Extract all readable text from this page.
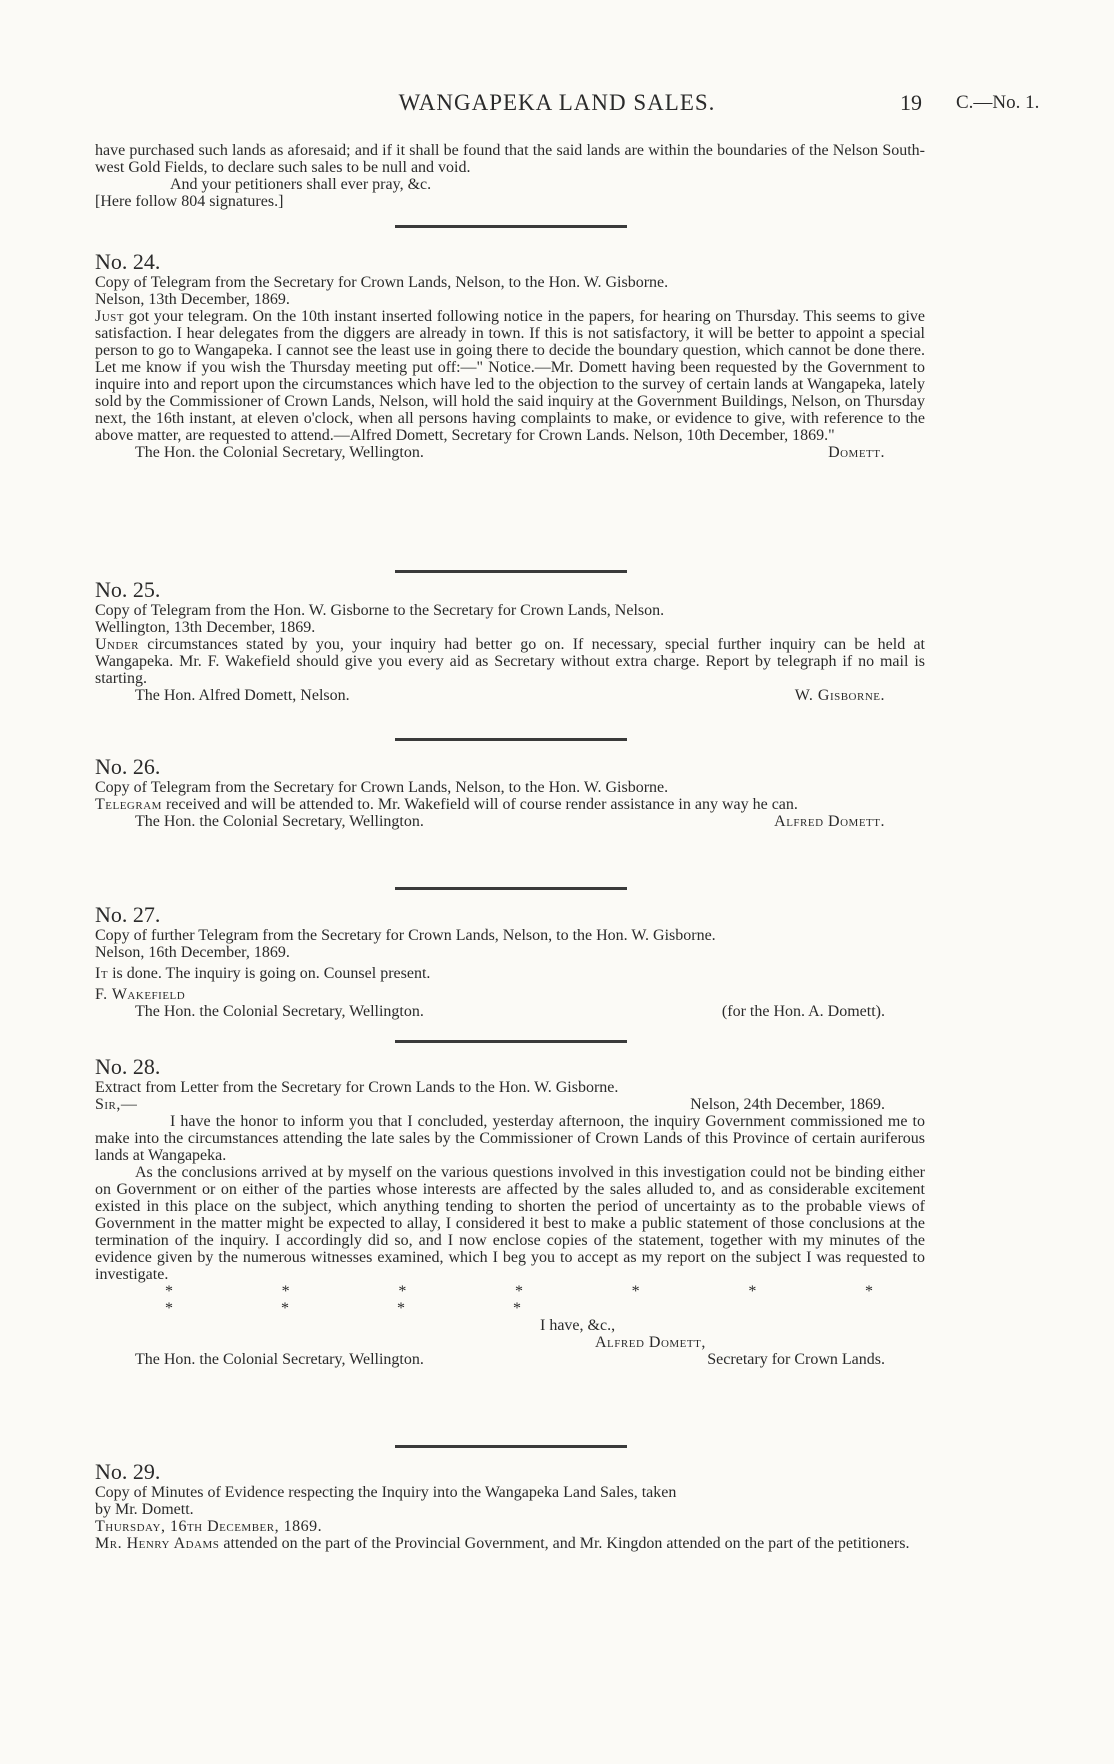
WANGAPEKA LAND SALES.	19 C.—No. 1.

have purchased such lands as aforesaid; and if it shall be found that the said lands are within the boundaries of the Nelson South-west Gold Fields, to declare such sales to be null and void.

And your petitioners shall ever pray, &c.

[Here follow 804 signatures.]

No. 24.

Copy of Telegram from the Secretary for Crown Lands, Nelson, to the Hon. W. Gisborne.

Nelson, 13th December, 1869.

Just got your telegram. On the 10th instant inserted following notice in the papers, for hearing on Thursday. This seems to give satisfaction. I hear delegates from the diggers are already in town. If this is not satisfactory, it will be better to appoint a special person to go to Wangapeka. I cannot see the least use in going there to decide the boundary question, which cannot be done there. Let me know if you wish the Thursday meeting put off:—" Notice.—Mr. Domett having been requested by the Government to inquire into and report upon the circumstances which have led to the objection to the survey of certain lands at Wangapeka, lately sold by the Commissioner of Crown Lands, Nelson, will hold the said inquiry at the Government Buildings, Nelson, on Thursday next, the 16th instant, at eleven o'clock, when all persons having complaints to make, or evidence to give, with reference to the above matter, are requested to attend.—Alfred Domett, Secretary for Crown Lands. Nelson, 10th December, 1869."

The Hon. the Colonial Secretary, Wellington.	Domett.

No. 25.

Copy of Telegram from the Hon. W. Gisborne to the Secretary for Crown Lands, Nelson.

Wellington, 13th December, 1869.

Under circumstances stated by you, your inquiry had better go on. If necessary, special further inquiry can be held at Wangapeka. Mr. F. Wakefield should give you every aid as Secretary without extra charge. Report by telegraph if no mail is starting.

The Hon. Alfred Domett, Nelson.	W. Gisborne.

No. 26.

Copy of Telegram from the Secretary for Crown Lands, Nelson, to the Hon. W. Gisborne.

Telegram received and will be attended to. Mr. Wakefield will of course render assistance in any way he can.

The Hon. the Colonial Secretary, Wellington.	Alfred Domett.

No. 27.

Copy of further Telegram from the Secretary for Crown Lands, Nelson, to the Hon. W. Gisborne.

Nelson, 16th December, 1869.

It is done. The inquiry is going on. Counsel present.

F. Wakefield

The Hon. the Colonial Secretary, Wellington.	(for the Hon. A. Domett).

No. 28.

Extract from Letter from the Secretary for Crown Lands to the Hon. W. Gisborne.

Sir,—	Nelson, 24th December, 1869.

I have the honor to inform you that I concluded, yesterday afternoon, the inquiry Government commissioned me to make into the circumstances attending the late sales by the Commissioner of Crown Lands of this Province of certain auriferous lands at Wangapeka.

As the conclusions arrived at by myself on the various questions involved in this investigation could not be binding either on Government or on either of the parties whose interests are affected by the sales alluded to, and as considerable excitement existed in this place on the subject, which anything tending to shorten the period of uncertainty as to the probable views of Government in the matter might be expected to allay, I considered it best to make a public statement of those conclusions at the termination of the inquiry. I accordingly did so, and I now enclose copies of the statement, together with my minutes of the evidence given by the numerous witnesses examined, which I beg you to accept as my report on the subject I was requested to investigate.

* * * * * * * * * * *

I have, &c.,

Alfred Domett,

The Hon. the Colonial Secretary, Wellington.	Secretary for Crown Lands.

No. 29.

Copy of Minutes of Evidence respecting the Inquiry into the Wangapeka Land Sales, taken

by Mr. Domett.

Thursday, 16th December, 1869.

Mr. Henry Adams attended on the part of the Provincial Government, and Mr. Kingdon attended on the part of the petitioners.
